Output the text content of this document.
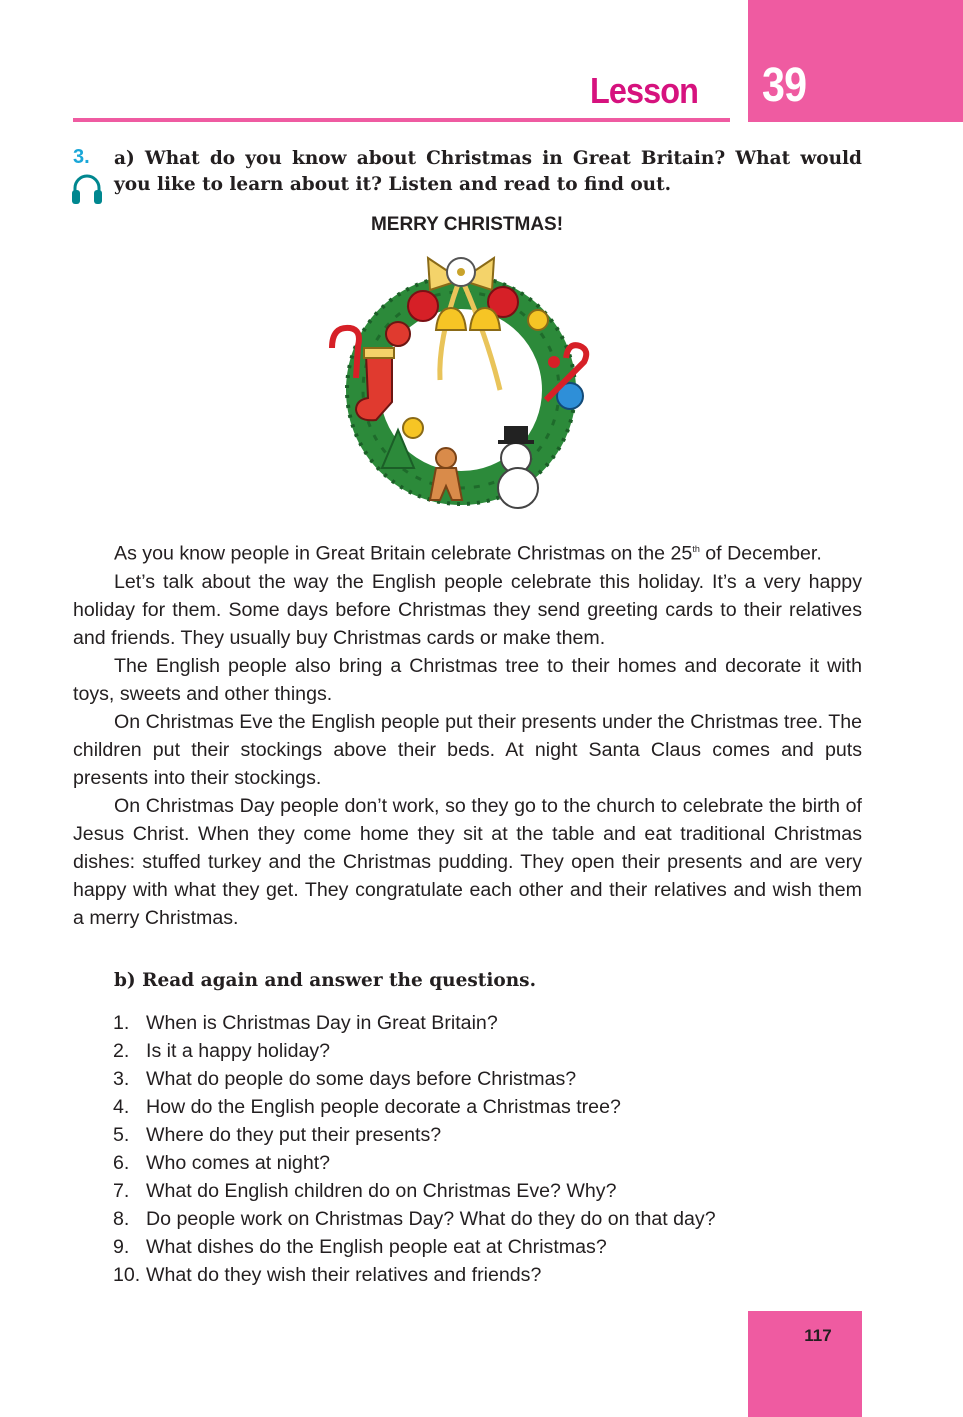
Lesson 39
3. a) What do you know about Christmas in Great Britain? What would you like to learn about it? Listen and read to find out.
MERRY CHRISTMAS!

As you know people in Great Britain celebrate Christmas on the 25th of December.

Let’s talk about the way the English people celebrate this holiday. It’s a very happy holiday for them. Some days before Christmas they send greeting cards to their relatives and friends. They usually buy Christmas cards or make them.

The English people also bring a Christmas tree to their homes and decorate it with toys, sweets and other things.

On Christmas Eve the English people put their presents under the Christmas tree. The children put their stockings above their beds. At night Santa Claus comes and puts presents into their stockings.

On Christmas Day people don’t work, so they go to the church to celebrate the birth of Jesus Christ. When they come home they sit at the table and eat traditional Christmas dishes: stuffed turkey and the Christmas pudding. They open their presents and are very happy with what they get. They congratulate each other and their relatives and wish them a merry Christmas.

b) Read again and answer the questions.
1. When is Christmas Day in Great Britain?
2. Is it a happy holiday?
3. What do people do some days before Christmas?
4. How do the English people decorate a Christmas tree?
5. Where do they put their presents?
6. Who comes at night?
7. What do English children do on Christmas Eve? Why?
8. Do people work on Christmas Day? What do they do on that day?
9. What dishes do the English people eat at Christmas?
10. What do they wish their relatives and friends?
117
